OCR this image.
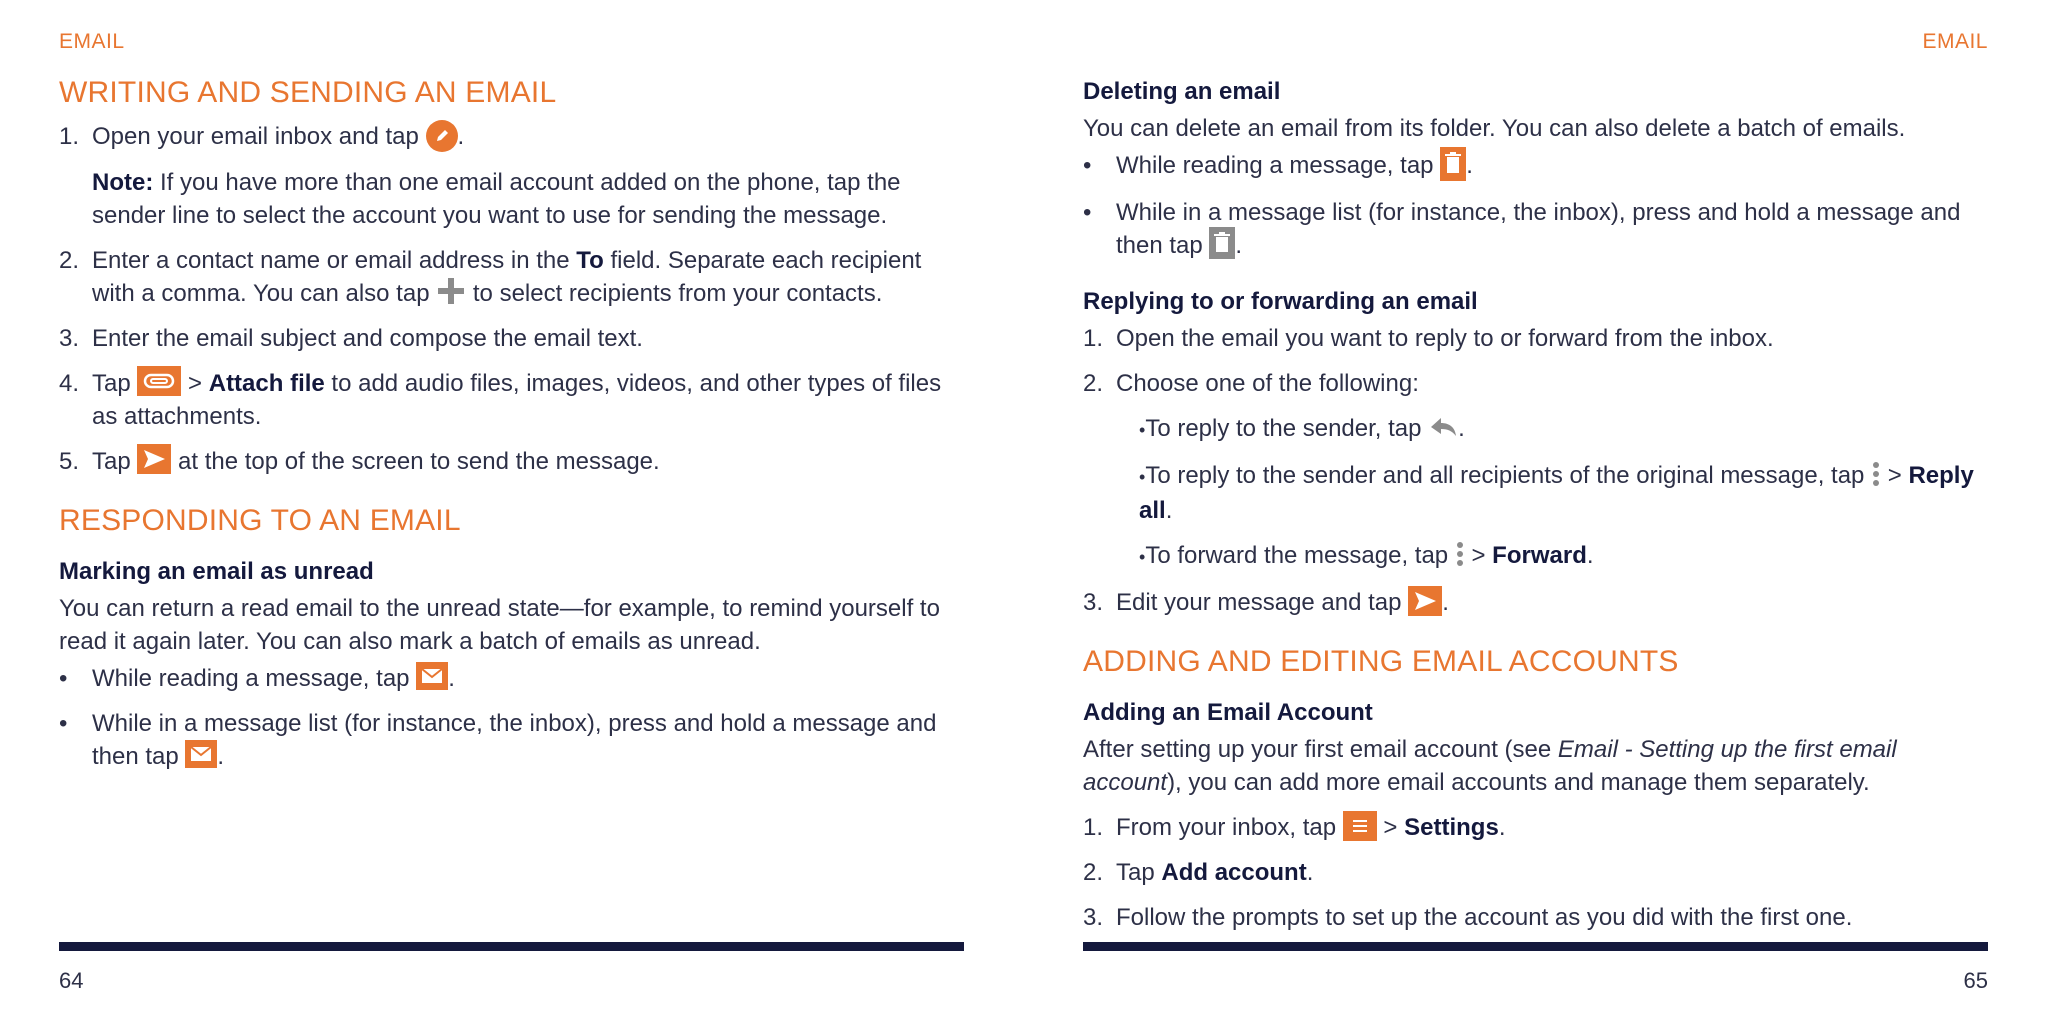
EMAIL
WRITING AND SENDING AN EMAIL
1. Open your email inbox and tap .

Note: If you have more than one email account added on the phone, tap the sender line to select the account you want to use for sending the message.

2. Enter a contact name or email address in the To field. Separate each recipient with a comma. You can also tap
to select recipients from your contacts.
3. Enter the email subject and compose the email text.
4. Tap
> Attach file to add audio files, images, videos, and other types of files as attachments.
5. Tap
at the top of the screen to send the message.
RESPONDING TO AN EMAIL
Marking an email as unread

You can return a read email to the unread state—for example, to remind yourself to read it again later. You can also mark a batch of emails as unread.

• While reading a message, tap .
• While in a message list (for instance, the inbox), press and hold a message and then tap .
64
EMAIL
Deleting an email

You can delete an email from its folder. You can also delete a batch of emails.

• While reading a message, tap .
• While in a message list (for instance, the inbox), press and hold a message and then tap .
Replying to or forwarding an email
1. Open the email you want to reply to or forward from the inbox.
2. Choose one of the following:
•To reply to the sender, tap .
•To reply to the sender and all recipients of the original message, tap
> Reply all.
•To forward the message, tap
> Forward.
3. Edit your message and tap .
ADDING AND EDITING EMAIL ACCOUNTS
Adding an Email Account

After setting up your first email account (see Email - Setting up the first email account), you can add more email accounts and manage them separately.

1. From your inbox, tap
> Settings.
2. Tap Add account.
3. Follow the prompts to set up the account as you did with the first one.
65
